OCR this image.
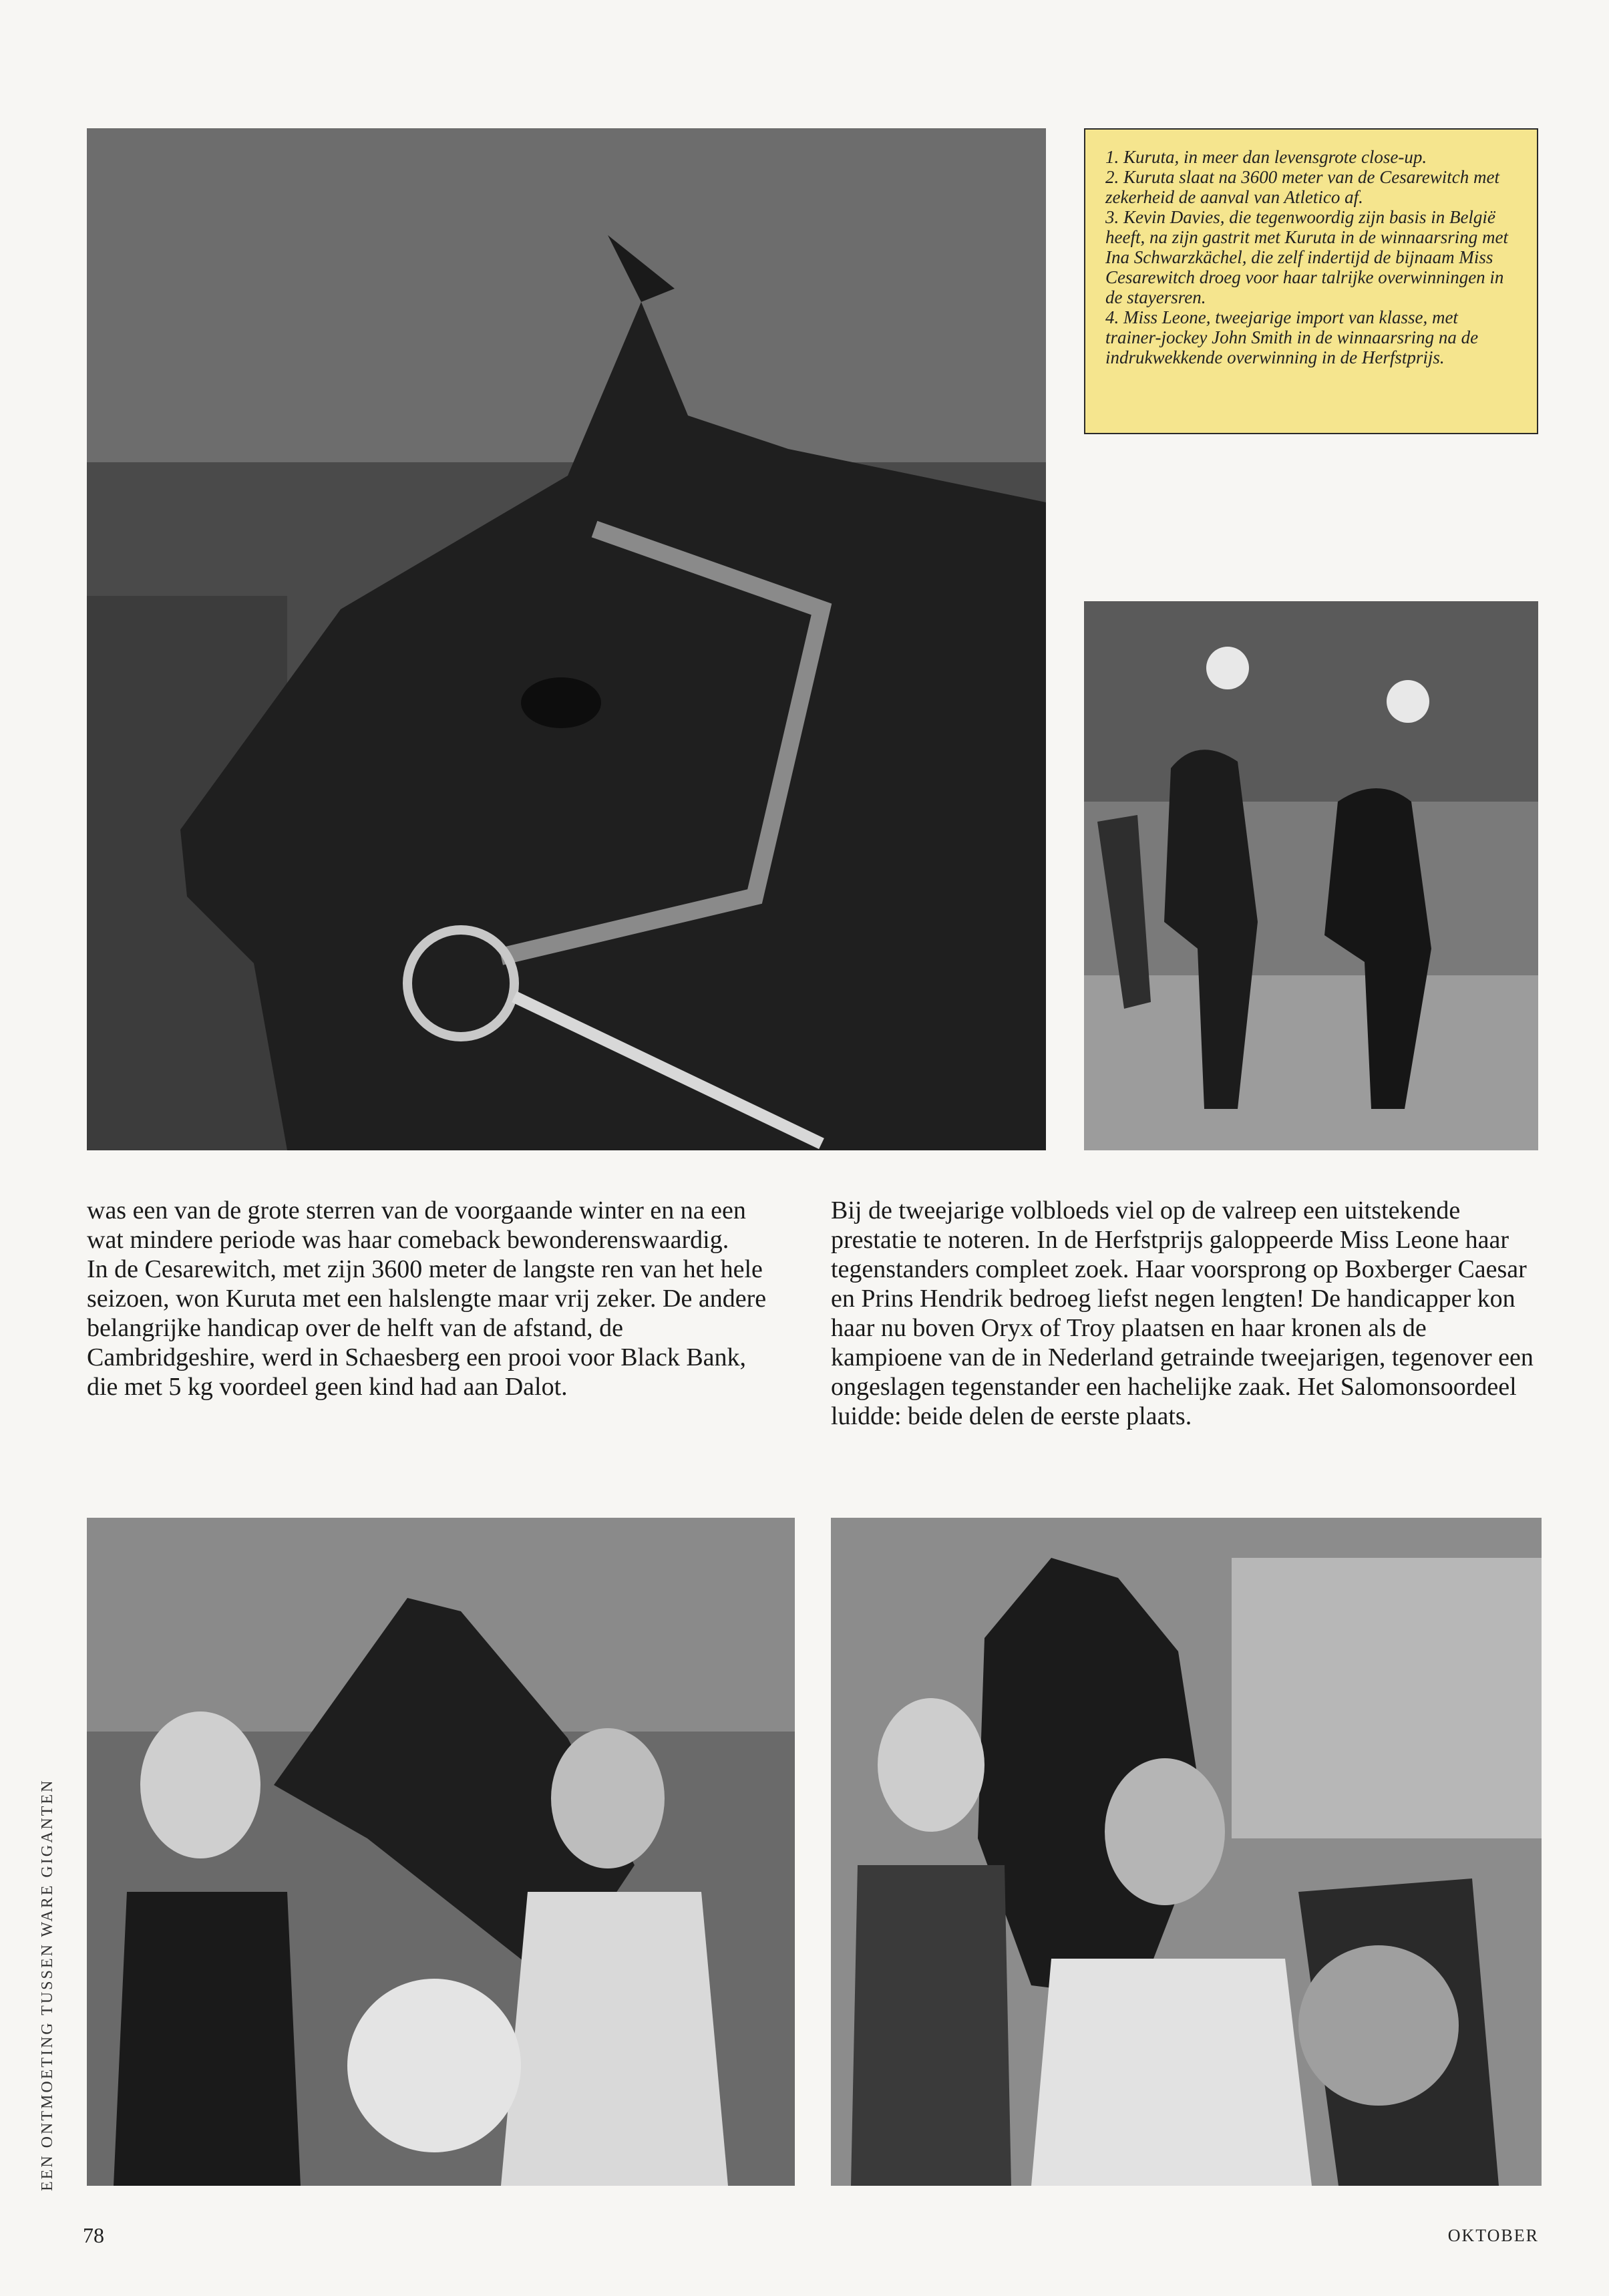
1. Kuruta, in meer dan levensgrote close-up.

2. Kuruta slaat na 3600 meter van de Cesarewitch met zekerheid de aanval van Atletico af.

3. Kevin Davies, die tegenwoordig zijn basis in België heeft, na zijn gastrit met Kuruta in de winnaarsring met Ina Schwarzkächel, die zelf indertijd de bijnaam Miss Cesarewitch droeg voor haar talrijke overwinningen in de stayersren.

4. Miss Leone, tweejarige import van klasse, met trainer-jockey John Smith in de winnaarsring na de indrukwekkende overwinning in de Herfstprijs.

was een van de grote sterren van de voorgaande winter en na een wat mindere periode was haar comeback bewonderenswaardig.

In de Cesarewitch, met zijn 3600 meter de langste ren van het hele seizoen, won Kuruta met een halslengte maar vrij zeker. De andere belangrijke handicap over de helft van de afstand, de Cambridgeshire, werd in Schaesberg een prooi voor Black Bank, die met 5 kg voordeel geen kind had aan Dalot.

Bij de tweejarige volbloeds viel op de valreep een uitstekende prestatie te noteren. In de Herfstprijs galoppeerde Miss Leone haar tegenstanders compleet zoek. Haar voorsprong op Boxberger Caesar en Prins Hendrik bedroeg liefst negen lengten! De handicapper kon haar nu boven Oryx of Troy plaatsen en haar kronen als de kampioene van de in Nederland getrainde tweejarigen, tegenover een ongeslagen tegenstander een hachelijke zaak. Het Salomonsoordeel luidde: beide delen de eerste plaats.

EEN ONTMOETING TUSSEN WARE GIGANTEN
78	OKTOBER
